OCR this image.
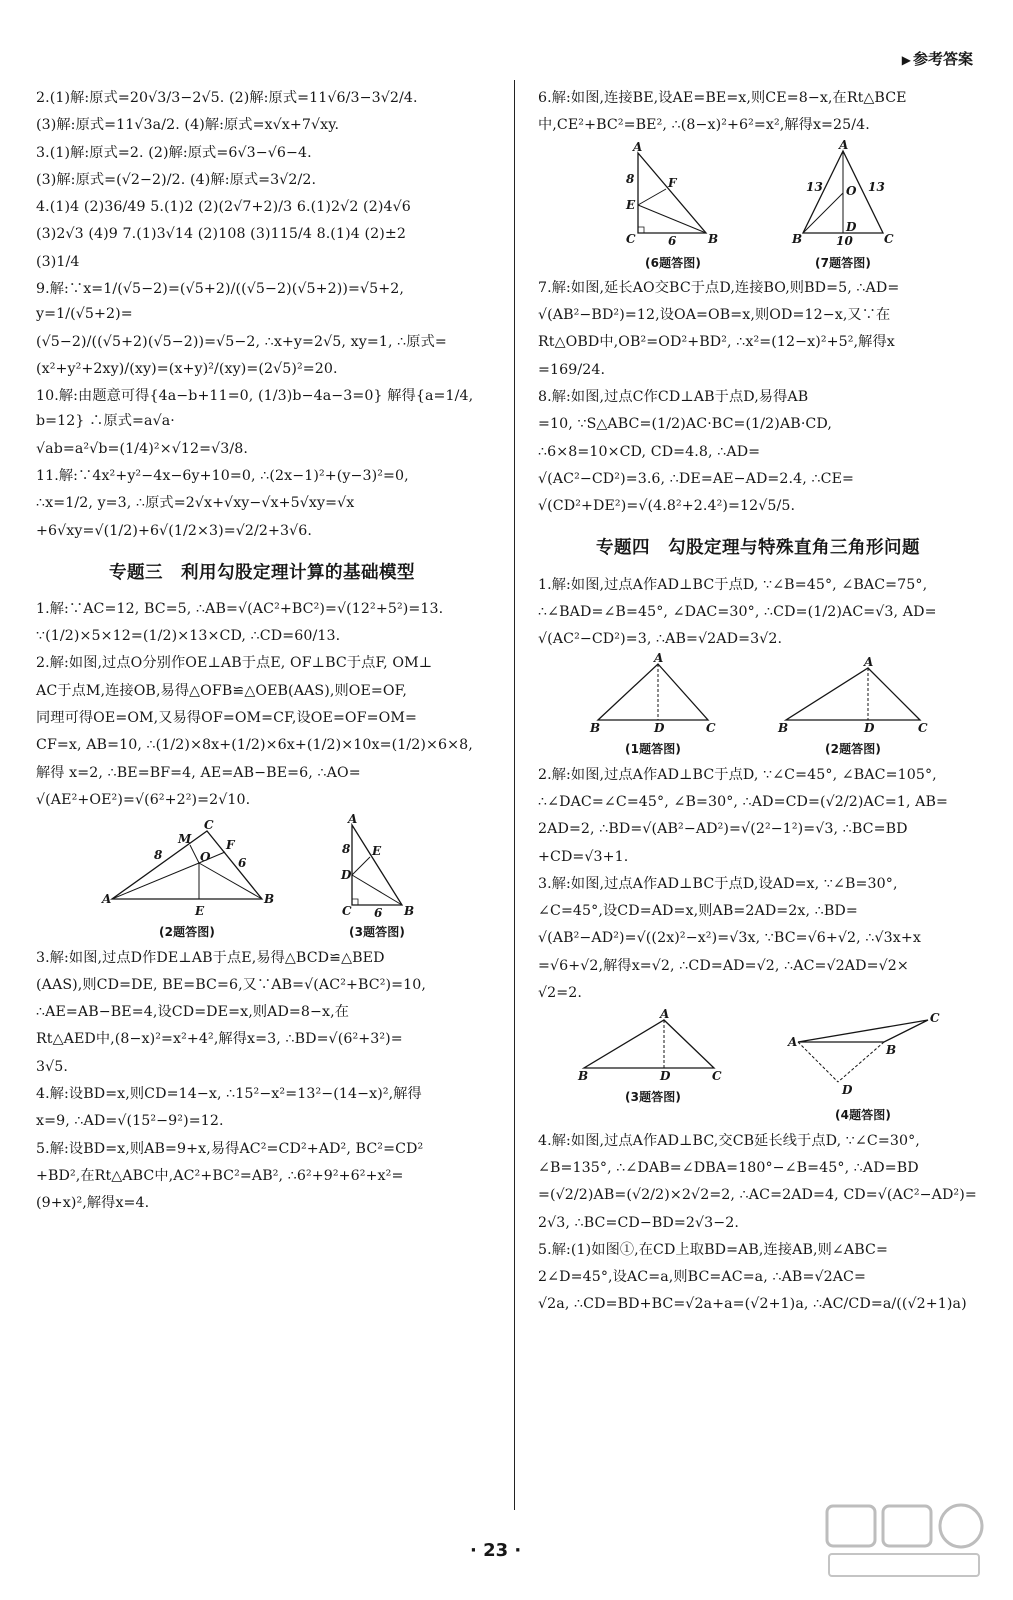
▶ 参考答案
2.(1)解:原式=20√3/3−2√5. (2)解:原式=11√6/3−3√2/4.
(3)解:原式=11√3a/2. (4)解:原式=x√x+7√xy.
3.(1)解:原式=2. (2)解:原式=6√3−√6−4.
(3)解:原式=(√2−2)/2. (4)解:原式=3√2/2.
4.(1)4 (2)36/49 5.(1)2 (2)(2√7+2)/3 6.(1)2√2 (2)4√6
(3)2√3 (4)9 7.(1)3√14 (2)108 (3)115/4 8.(1)4 (2)±2
(3)1/4
9.解:∵x=1/(√5−2)=(√5+2)/((√5−2)(√5+2))=√5+2, y=1/(√5+2)=
(√5−2)/((√5+2)(√5−2))=√5−2, ∴x+y=2√5, xy=1, ∴原式=
(x²+y²+2xy)/(xy)=(x+y)²/(xy)=(2√5)²=20.
10.解:由题意可得{4a−b+11=0, (1/3)b−4a−3=0} 解得{a=1/4, b=12} ∴原式=a√a·
√ab=a²√b=(1/4)²×√12=√3/8.
11.解:∵4x²+y²−4x−6y+10=0, ∴(2x−1)²+(y−3)²=0,
∴x=1/2, y=3, ∴原式=2√x+√xy−√x+5√xy=√x
+6√xy=√(1/2)+6√(1/2×3)=√2/2+3√6.
专题三　利用勾股定理计算的基础模型
1.解:∵AC=12, BC=5, ∴AB=√(AC²+BC²)=√(12²+5²)=13.
∵(1/2)×5×12=(1/2)×13×CD, ∴CD=60/13.
2.解:如图,过点O分别作OE⊥AB于点E, OF⊥BC于点F, OM⊥
AC于点M,连接OB,易得△OFB≌△OEB(AAS),则OE=OF,
同理可得OE=OM,又易得OF=OM=CF,设OE=OF=OM=
CF=x, AB=10, ∴(1/2)×8x+(1/2)×6x+(1/2)×10x=(1/2)×6×8,
解得 x=2, ∴BE=BF=4, AE=AB−BE=6, ∴AO=
√(AE²+OE²)=√(6²+2²)=2√10.
A	B
C
M
O
F
E
8
6
(2题答图)
A
D
E
C	B
8
6
(3题答图)
3.解:如图,过点D作DE⊥AB于点E,易得△BCD≌△BED
(AAS),则CD=DE, BE=BC=6,又∵AB=√(AC²+BC²)=10,
∴AE=AB−BE=4,设CD=DE=x,则AD=8−x,在
Rt△AED中,(8−x)²=x²+4²,解得x=3, ∴BD=√(6²+3²)=
3√5.
4.解:设BD=x,则CD=14−x, ∴15²−x²=13²−(14−x)²,解得
x=9, ∴AD=√(15²−9²)=12.
5.解:设BD=x,则AB=9+x,易得AC²=CD²+AD², BC²=CD²
+BD²,在Rt△ABC中,AC²+BC²=AB², ∴6²+9²+6²+x²=
(9+x)²,解得x=4.
6.解:如图,连接BE,设AE=BE=x,则CE=8−x,在Rt△BCE
中,CE²+BC²=BE², ∴(8−x)²+6²=x²,解得x=25/4.
A
E
F
C	B
8
6
(6题答图)
A
O
B	C
D
13	13
10
(7题答图)
7.解:如图,延长AO交BC于点D,连接BO,则BD=5, ∴AD=
√(AB²−BD²)=12,设OA=OB=x,则OD=12−x,又∵在
Rt△OBD中,OB²=OD²+BD², ∴x²=(12−x)²+5²,解得x
=169/24.
8.解:如图,过点C作CD⊥AB于点D,易得AB
=10, ∵S△ABC=(1/2)AC·BC=(1/2)AB·CD,
∴6×8=10×CD, CD=4.8, ∴AD=
√(AC²−CD²)=3.6, ∴DE=AE−AD=2.4, ∴CE=
√(CD²+DE²)=√(4.8²+2.4²)=12√5/5.
专题四　勾股定理与特殊直角三角形问题
1.解:如图,过点A作AD⊥BC于点D, ∵∠B=45°, ∠BAC=75°,
∴∠BAD=∠B=45°, ∠DAC=30°, ∴CD=(1/2)AC=√3, AD=
√(AC²−CD²)=3, ∴AB=√2AD=3√2.
B	C
A
D
(1题答图)
B	C
A
D
(2题答图)
2.解:如图,过点A作AD⊥BC于点D, ∵∠C=45°, ∠BAC=105°,
∴∠DAC=∠C=45°, ∠B=30°, ∴AD=CD=(√2/2)AC=1, AB=
2AD=2, ∴BD=√(AB²−AD²)=√(2²−1²)=√3, ∴BC=BD
+CD=√3+1.
3.解:如图,过点A作AD⊥BC于点D,设AD=x, ∵∠B=30°,
∠C=45°,设CD=AD=x,则AB=2AD=2x, ∴BD=
√(AB²−AD²)=√((2x)²−x²)=√3x, ∵BC=√6+√2, ∴√3x+x
=√6+√2,解得x=√2, ∴CD=AD=√2, ∴AC=√2AD=√2×
√2=2.
B	C
A
D
(3题答图)
A
C
B
D
(4题答图)
4.解:如图,过点A作AD⊥BC,交CB延长线于点D, ∵∠C=30°,
∠B=135°, ∴∠DAB=∠DBA=180°−∠B=45°, ∴AD=BD
=(√2/2)AB=(√2/2)×2√2=2, ∴AC=2AD=4, CD=√(AC²−AD²)=
2√3, ∴BC=CD−BD=2√3−2.
5.解:(1)如图①,在CD上取BD=AB,连接AB,则∠ABC=
2∠D=45°,设AC=a,则BC=AC=a, ∴AB=√2AC=
√2a, ∴CD=BD+BC=√2a+a=(√2+1)a, ∴AC/CD=a/((√2+1)a)
· 23 ·
